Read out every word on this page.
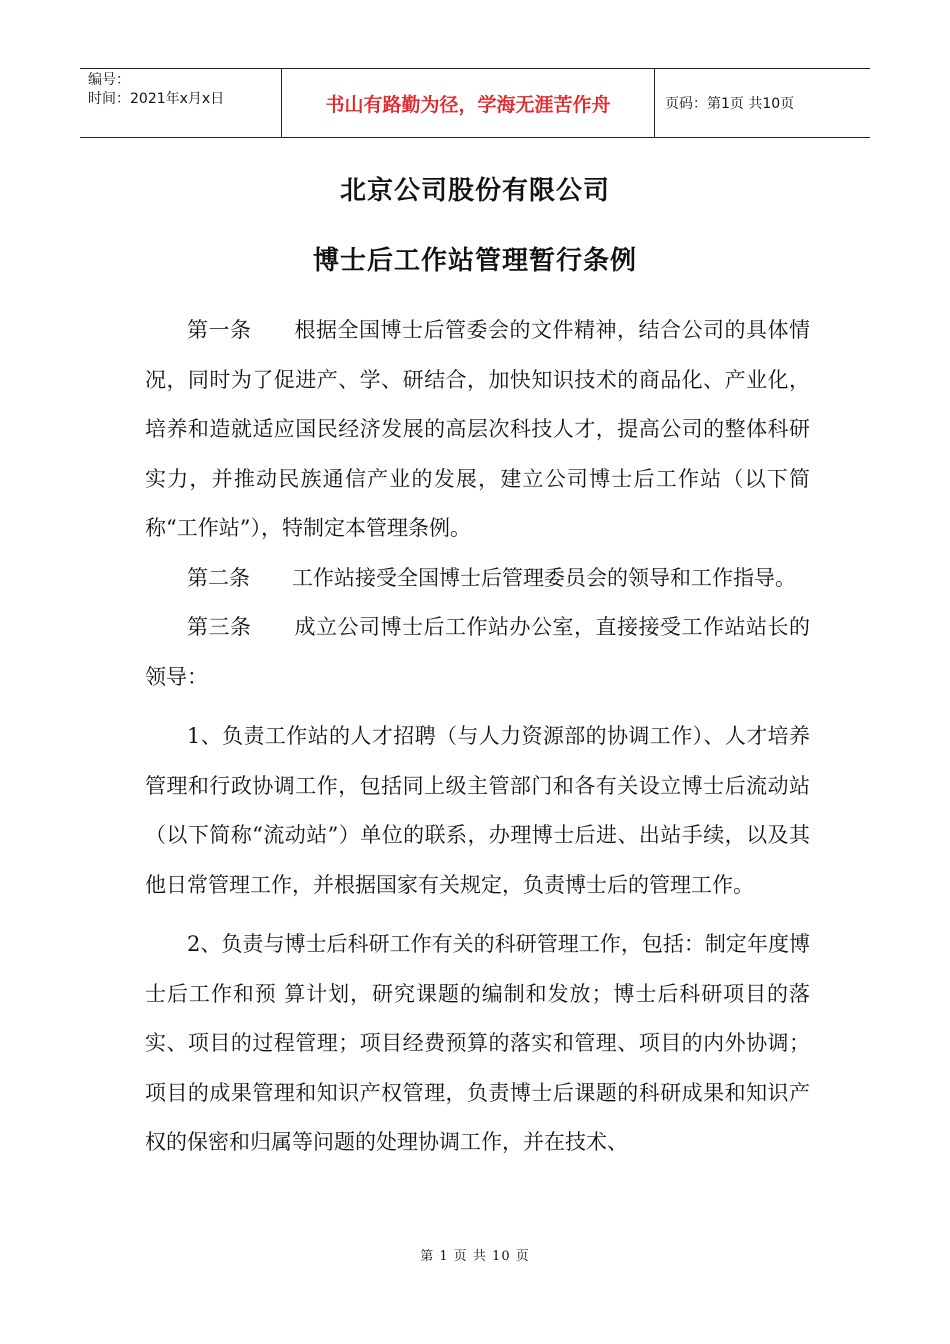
编号：
时间：2021年x月x日	书山有路勤为径，学海无涯苦作舟	页码：第1页 共10页
北京公司股份有限公司
博士后工作站管理暂行条例

第一条　　根据全国博士后管委会的文件精神，结合公司的具体情况，同时为了促进产、学、研结合，加快知识技术的商品化、产业化，培养和造就适应国民经济发展的高层次科技人才，提高公司的整体科研实力，并推动民族通信产业的发展，建立公司博士后工作站（以下简称“工作站”），特制定本管理条例。

第二条　　工作站接受全国博士后管理委员会的领导和工作指导。

第三条　　成立公司博士后工作站办公室，直接接受工作站站长的领导：

1、负责工作站的人才招聘（与人力资源部的协调工作）、人才培养管理和行政协调工作，包括同上级主管部门和各有关设立博士后流动站（以下简称“流动站”）单位的联系，办理博士后进、出站手续，以及其他日常管理工作，并根据国家有关规定，负责博士后的管理工作。

2、负责与博士后科研工作有关的科研管理工作，包括：制定年度博士后工作和预 算计划，研究课题的编制和发放；博士后科研项目的落实、项目的过程管理；项目经费预算的落实和管理、项目的内外协调；项目的成果管理和知识产权管理，负责博士后课题的科研成果和知识产权的保密和归属等问题的处理协调工作，并在技术、

第 1 页 共 10 页
